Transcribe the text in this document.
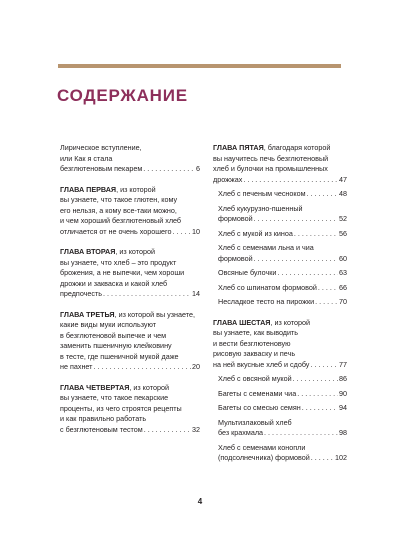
СОДЕРЖАНИЕ
Лирическое вступление,
или Как я стала
безглютеновым пекарем . . .	6
ГЛАВА ПЕРВАЯ, из которой
вы узнаете, что такое глютен, кому
его нельзя, а кому все-таки можно,
и чем хороший безглютеновый хлеб
отличается от не очень хорошего . . .	10
ГЛАВА ВТОРАЯ, из которой
вы узнаете, что хлеб – это продукт
брожения, а не выпечки, чем хороши
дрожжи и закваска и какой хлеб
предпочесть . . .	14
ГЛАВА ТРЕТЬЯ, из которой вы узнаете,
какие виды муки используют
в безглютеновой выпечке и чем
заменить пшеничную клейковину
в тесте, где пшеничной мукой даже
не пахнет . . .	20
ГЛАВА ЧЕТВЕРТАЯ, из которой
вы узнаете, что такое пекарские
проценты, из чего строятся рецепты
и как правильно работать
с безглютеновым тестом . . .	32
ГЛАВА ПЯТАЯ, благодаря которой
вы научитесь печь безглютеновый
хлеб и булочки на промышленных
дрожжах . . .	47
Хлеб с печеным чесноком . . .	48
Хлеб кукурузно-пшенный
формовой . . .	52
Хлеб с мукой из киноа . . .	56
Хлеб с семенами льна и чиа
формовой . . .	60
Овсяные булочки . . .	63
Хлеб со шпинатом формовой . . .	66
Несладкое тесто на пирожки . . .	70
ГЛАВА ШЕСТАЯ, из которой
вы узнаете, как выводить
и вести безглютеновую
рисовую закваску и печь
на ней вкусные хлеб и сдобу . . .	77
Хлеб с овсяной мукой . . .	86
Багеты с семенами чиа . . .	90
Багеты со смесью семян . . .	94
Мультизлаковый хлеб
без крахмала . . .	98
Хлеб с семенами конопли
(подсолнечника) формовой . . .	102
4
